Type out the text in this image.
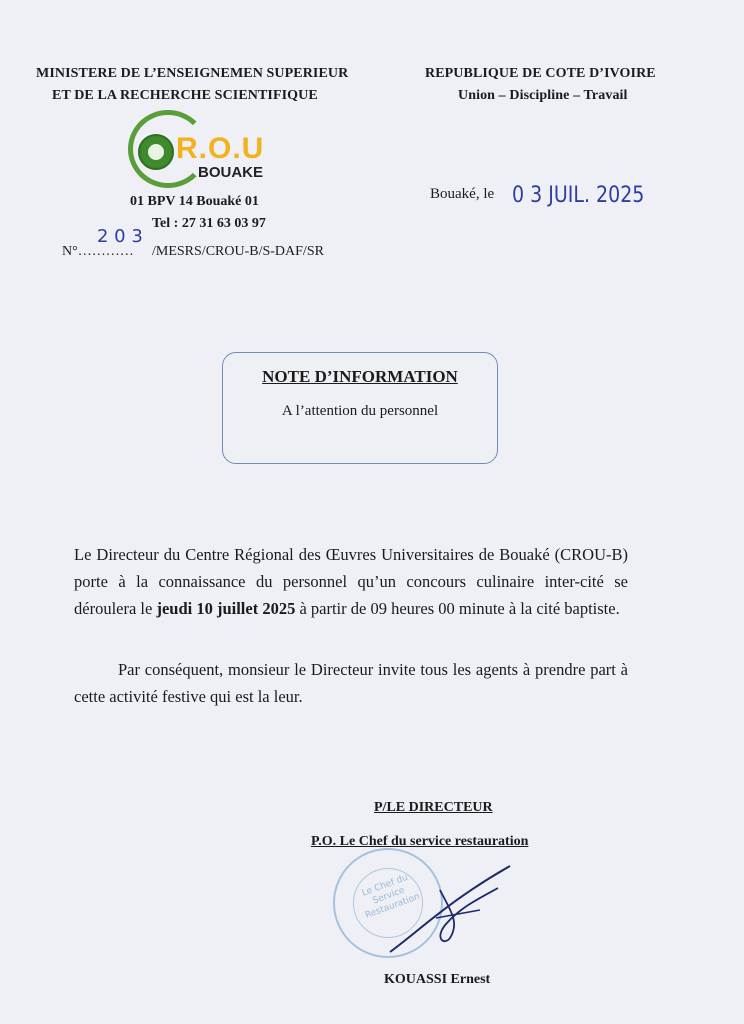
MINISTERE DE L’ENSEIGNEMEN SUPERIEUR
ET DE LA RECHERCHE SCIENTIFIQUE
REPUBLIQUE DE COTE D’IVOIRE
Union – Discipline – Travail
R.O.U
BOUAKE
01 BPV 14 Bouaké 01
Tel : 27 31 63 03 97
Bouaké, le 0 3 JUIL. 2025
2 0 3
N°………… /MESRS/CROU-B/S-DAF/SR
NOTE D’INFORMATION
A l’attention du personnel
Le Directeur du Centre Régional des Œuvres Universitaires de Bouaké (CROU-B) porte à la connaissance du personnel qu’un concours culinaire inter-cité se déroulera le jeudi 10 juillet 2025 à partir de 09 heures 00 minute à la cité baptiste.
Par conséquent, monsieur le Directeur invite tous les agents à prendre part à cette activité festive qui est la leur.
P/LE DIRECTEUR
P.O. Le Chef du service restauration
Le Chef du Service Restauration
KOUASSI Ernest
